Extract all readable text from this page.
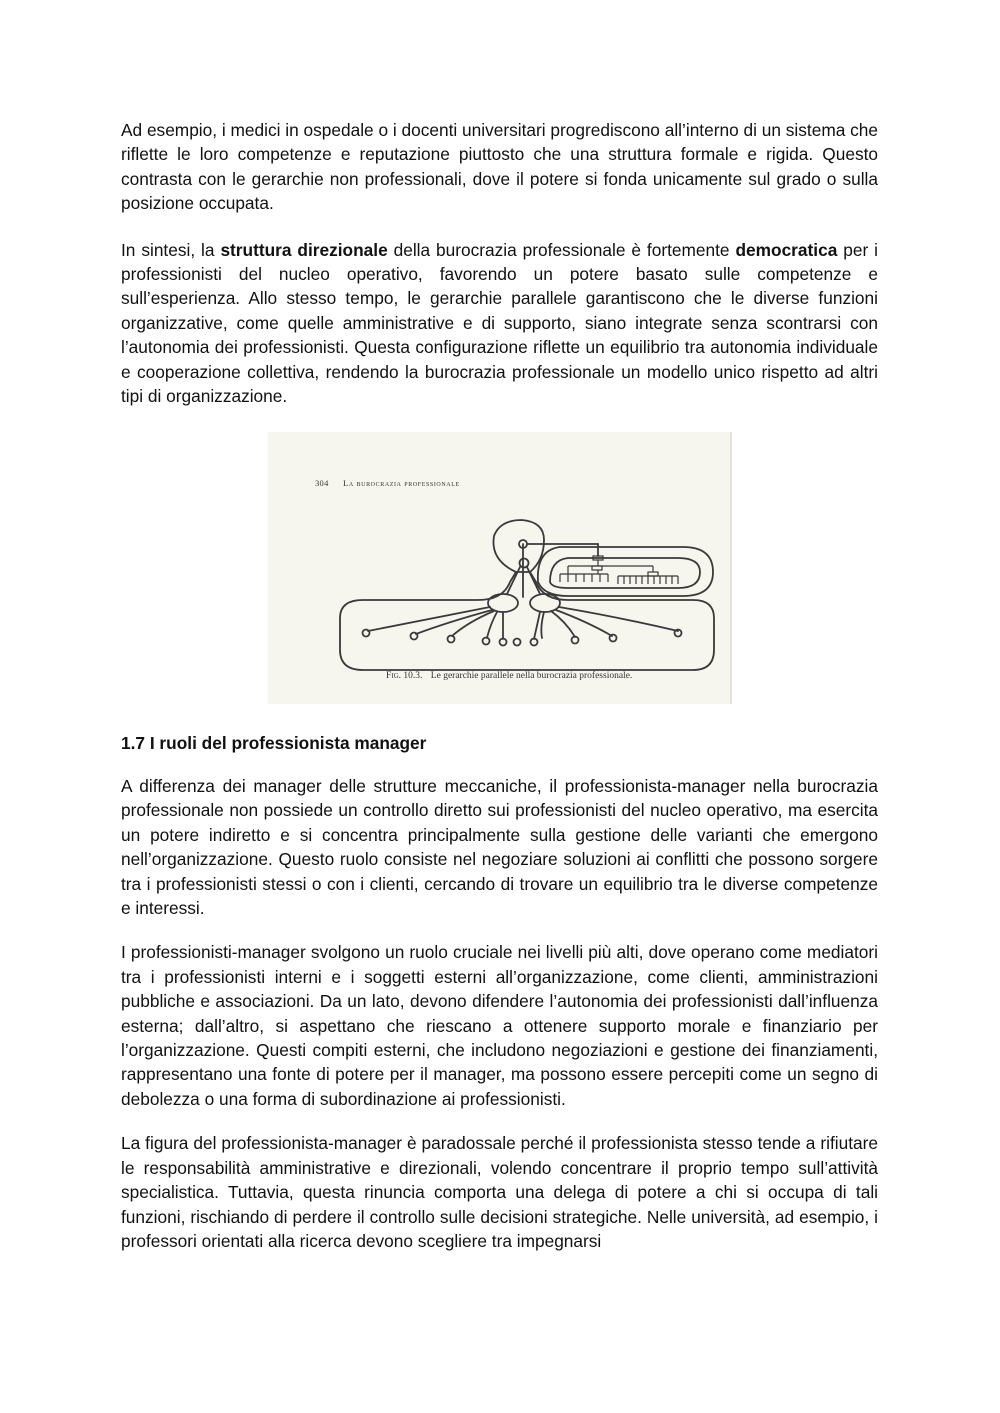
Ad esempio, i medici in ospedale o i docenti universitari progrediscono all’interno di un sistema che riflette le loro competenze e reputazione piuttosto che una struttura formale e rigida. Questo contrasta con le gerarchie non professionali, dove il potere si fonda unicamente sul grado o sulla posizione occupata.

In sintesi, la struttura direzionale della burocrazia professionale è fortemente democratica per i professionisti del nucleo operativo, favorendo un potere basato sulle competenze e sull’esperienza. Allo stesso tempo, le gerarchie parallele garantiscono che le diverse funzioni organizzative, come quelle amministrative e di supporto, siano integrate senza scontrarsi con l’autonomia dei professionisti. Questa configurazione riflette un equilibrio tra autonomia individuale e cooperazione collettiva, rendendo la burocrazia professionale un modello unico rispetto ad altri tipi di organizzazione.

304 La burocrazia professionale
Fig. 10.3. Le gerarchie parallele nella burocrazia professionale.
1.7 I ruoli del professionista manager

A differenza dei manager delle strutture meccaniche, il professionista-manager nella burocrazia professionale non possiede un controllo diretto sui professionisti del nucleo operativo, ma esercita un potere indiretto e si concentra principalmente sulla gestione delle varianti che emergono nell’organizzazione. Questo ruolo consiste nel negoziare soluzioni ai conflitti che possono sorgere tra i professionisti stessi o con i clienti, cercando di trovare un equilibrio tra le diverse competenze e interessi.

I professionisti-manager svolgono un ruolo cruciale nei livelli più alti, dove operano come mediatori tra i professionisti interni e i soggetti esterni all’organizzazione, come clienti, amministrazioni pubbliche e associazioni. Da un lato, devono difendere l’autonomia dei professionisti dall’influenza esterna; dall’altro, si aspettano che riescano a ottenere supporto morale e finanziario per l’organizzazione. Questi compiti esterni, che includono negoziazioni e gestione dei finanziamenti, rappresentano una fonte di potere per il manager, ma possono essere percepiti come un segno di debolezza o una forma di subordinazione ai professionisti.

La figura del professionista-manager è paradossale perché il professionista stesso tende a rifiutare le responsabilità amministrative e direzionali, volendo concentrare il proprio tempo sull’attività specialistica. Tuttavia, questa rinuncia comporta una delega di potere a chi si occupa di tali funzioni, rischiando di perdere il controllo sulle decisioni strategiche. Nelle università, ad esempio, i professori orientati alla ricerca devono scegliere tra impegnarsi
